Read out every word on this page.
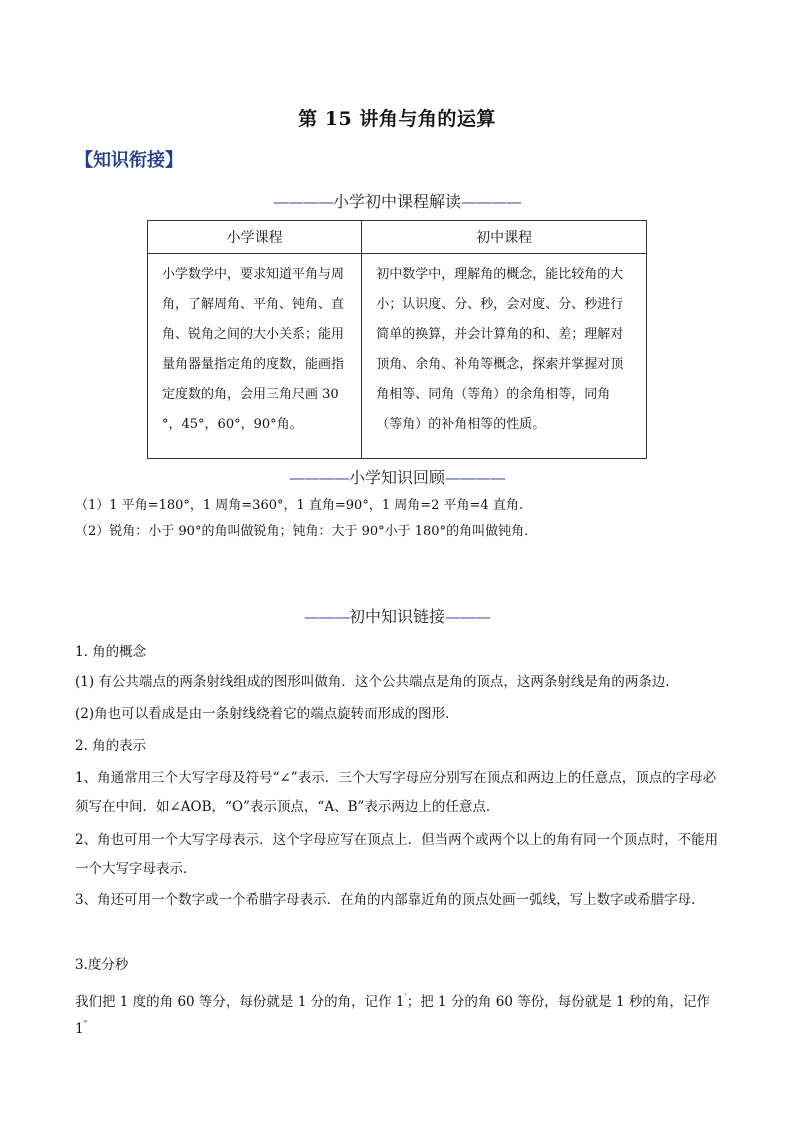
第 15 讲角与角的运算
【知识衔接】
————小学初中课程解读————
小学课程	初中课程
小学数学中，要求知道平角与周角，了解周角、平角、钝角、直角、锐角之间的大小关系；能用量角器量指定角的度数，能画指定度数的角，会用三角尺画 30 °，45°，60°，90°角。	初中数学中，理解角的概念，能比较角的大小；认识度、分、秒，会对度、分、秒进行简单的换算，并会计算角的和、差；理解对顶角、余角、补角等概念，探索并掌握对顶角相等、同角（等角）的余角相等，同角（等角）的补角相等的性质。
————小学知识回顾————
（1）1 平角=180°，1 周角=360°，1 直角=90°，1 周角=2 平角=4 直角.
（2）锐角：小于 90°的角叫做锐角；钝角：大于 90°小于 180°的角叫做钝角.
———初中知识链接———
1. 角的概念
(1) 有公共端点的两条射线组成的图形叫做角．这个公共端点是角的顶点，这两条射线是角的两条边．
(2)角也可以看成是由一条射线绕着它的端点旋转而形成的图形．
2. 角的表示
1、角通常用三个大写字母及符号“∠”表示．三个大写字母应分别写在顶点和两边上的任意点，顶点的字母必须写在中间．如∠AOB，“O”表示顶点，“A、B”表示两边上的任意点．
2、角也可用一个大写字母表示．这个字母应写在顶点上．但当两个或两个以上的角有同一个顶点时，不能用一个大写字母表示．
3、角还可用一个数字或一个希腊字母表示．在角的内部靠近角的顶点处画一弧线，写上数字或希腊字母．
3.度分秒
我们把 1 度的角 60 等分，每份就是 1 分的角，记作 1′；把 1 分的角 60 等份，每份就是 1 秒的角，记作 1″
